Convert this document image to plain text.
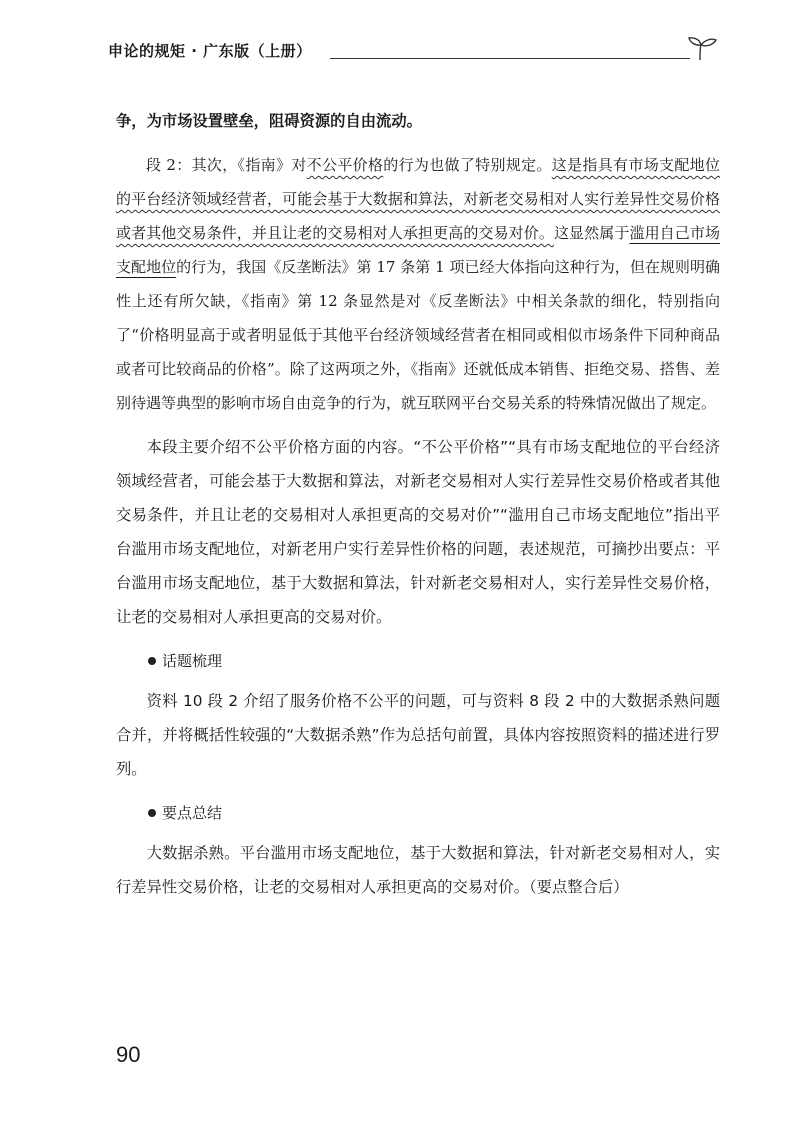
申论的规矩 · 广东版（上册）

争，为市场设置壁垒，阻碍资源的自由流动。

段 2：其次，《指南》对不公平价格的行为也做了特别规定。这是指具有市场支配地位的平台经济领域经营者，可能会基于大数据和算法，对新老交易相对人实行差异性交易价格或者其他交易条件，并且让老的交易相对人承担更高的交易对价。这显然属于滥用自己市场支配地位的行为，我国《反垄断法》第 17 条第 1 项已经大体指向这种行为，但在规则明确性上还有所欠缺，《指南》第 12 条显然是对《反垄断法》中相关条款的细化，特别指向了“价格明显高于或者明显低于其他平台经济领域经营者在相同或相似市场条件下同种商品或者可比较商品的价格”。除了这两项之外，《指南》还就低成本销售、拒绝交易、搭售、差别待遇等典型的影响市场自由竞争的行为，就互联网平台交易关系的特殊情况做出了规定。

本段主要介绍不公平价格方面的内容。“不公平价格”“具有市场支配地位的平台经济领域经营者，可能会基于大数据和算法，对新老交易相对人实行差异性交易价格或者其他交易条件，并且让老的交易相对人承担更高的交易对价”“滥用自己市场支配地位”指出平台滥用市场支配地位，对新老用户实行差异性价格的问题，表述规范，可摘抄出要点：平台滥用市场支配地位，基于大数据和算法，针对新老交易相对人，实行差异性交易价格，让老的交易相对人承担更高的交易对价。

话题梳理

资料 10 段 2 介绍了服务价格不公平的问题，可与资料 8 段 2 中的大数据杀熟问题合并，并将概括性较强的“大数据杀熟”作为总括句前置，具体内容按照资料的描述进行罗列。

要点总结

大数据杀熟。平台滥用市场支配地位，基于大数据和算法，针对新老交易相对人，实行差异性交易价格，让老的交易相对人承担更高的交易对价。（要点整合后）

90
